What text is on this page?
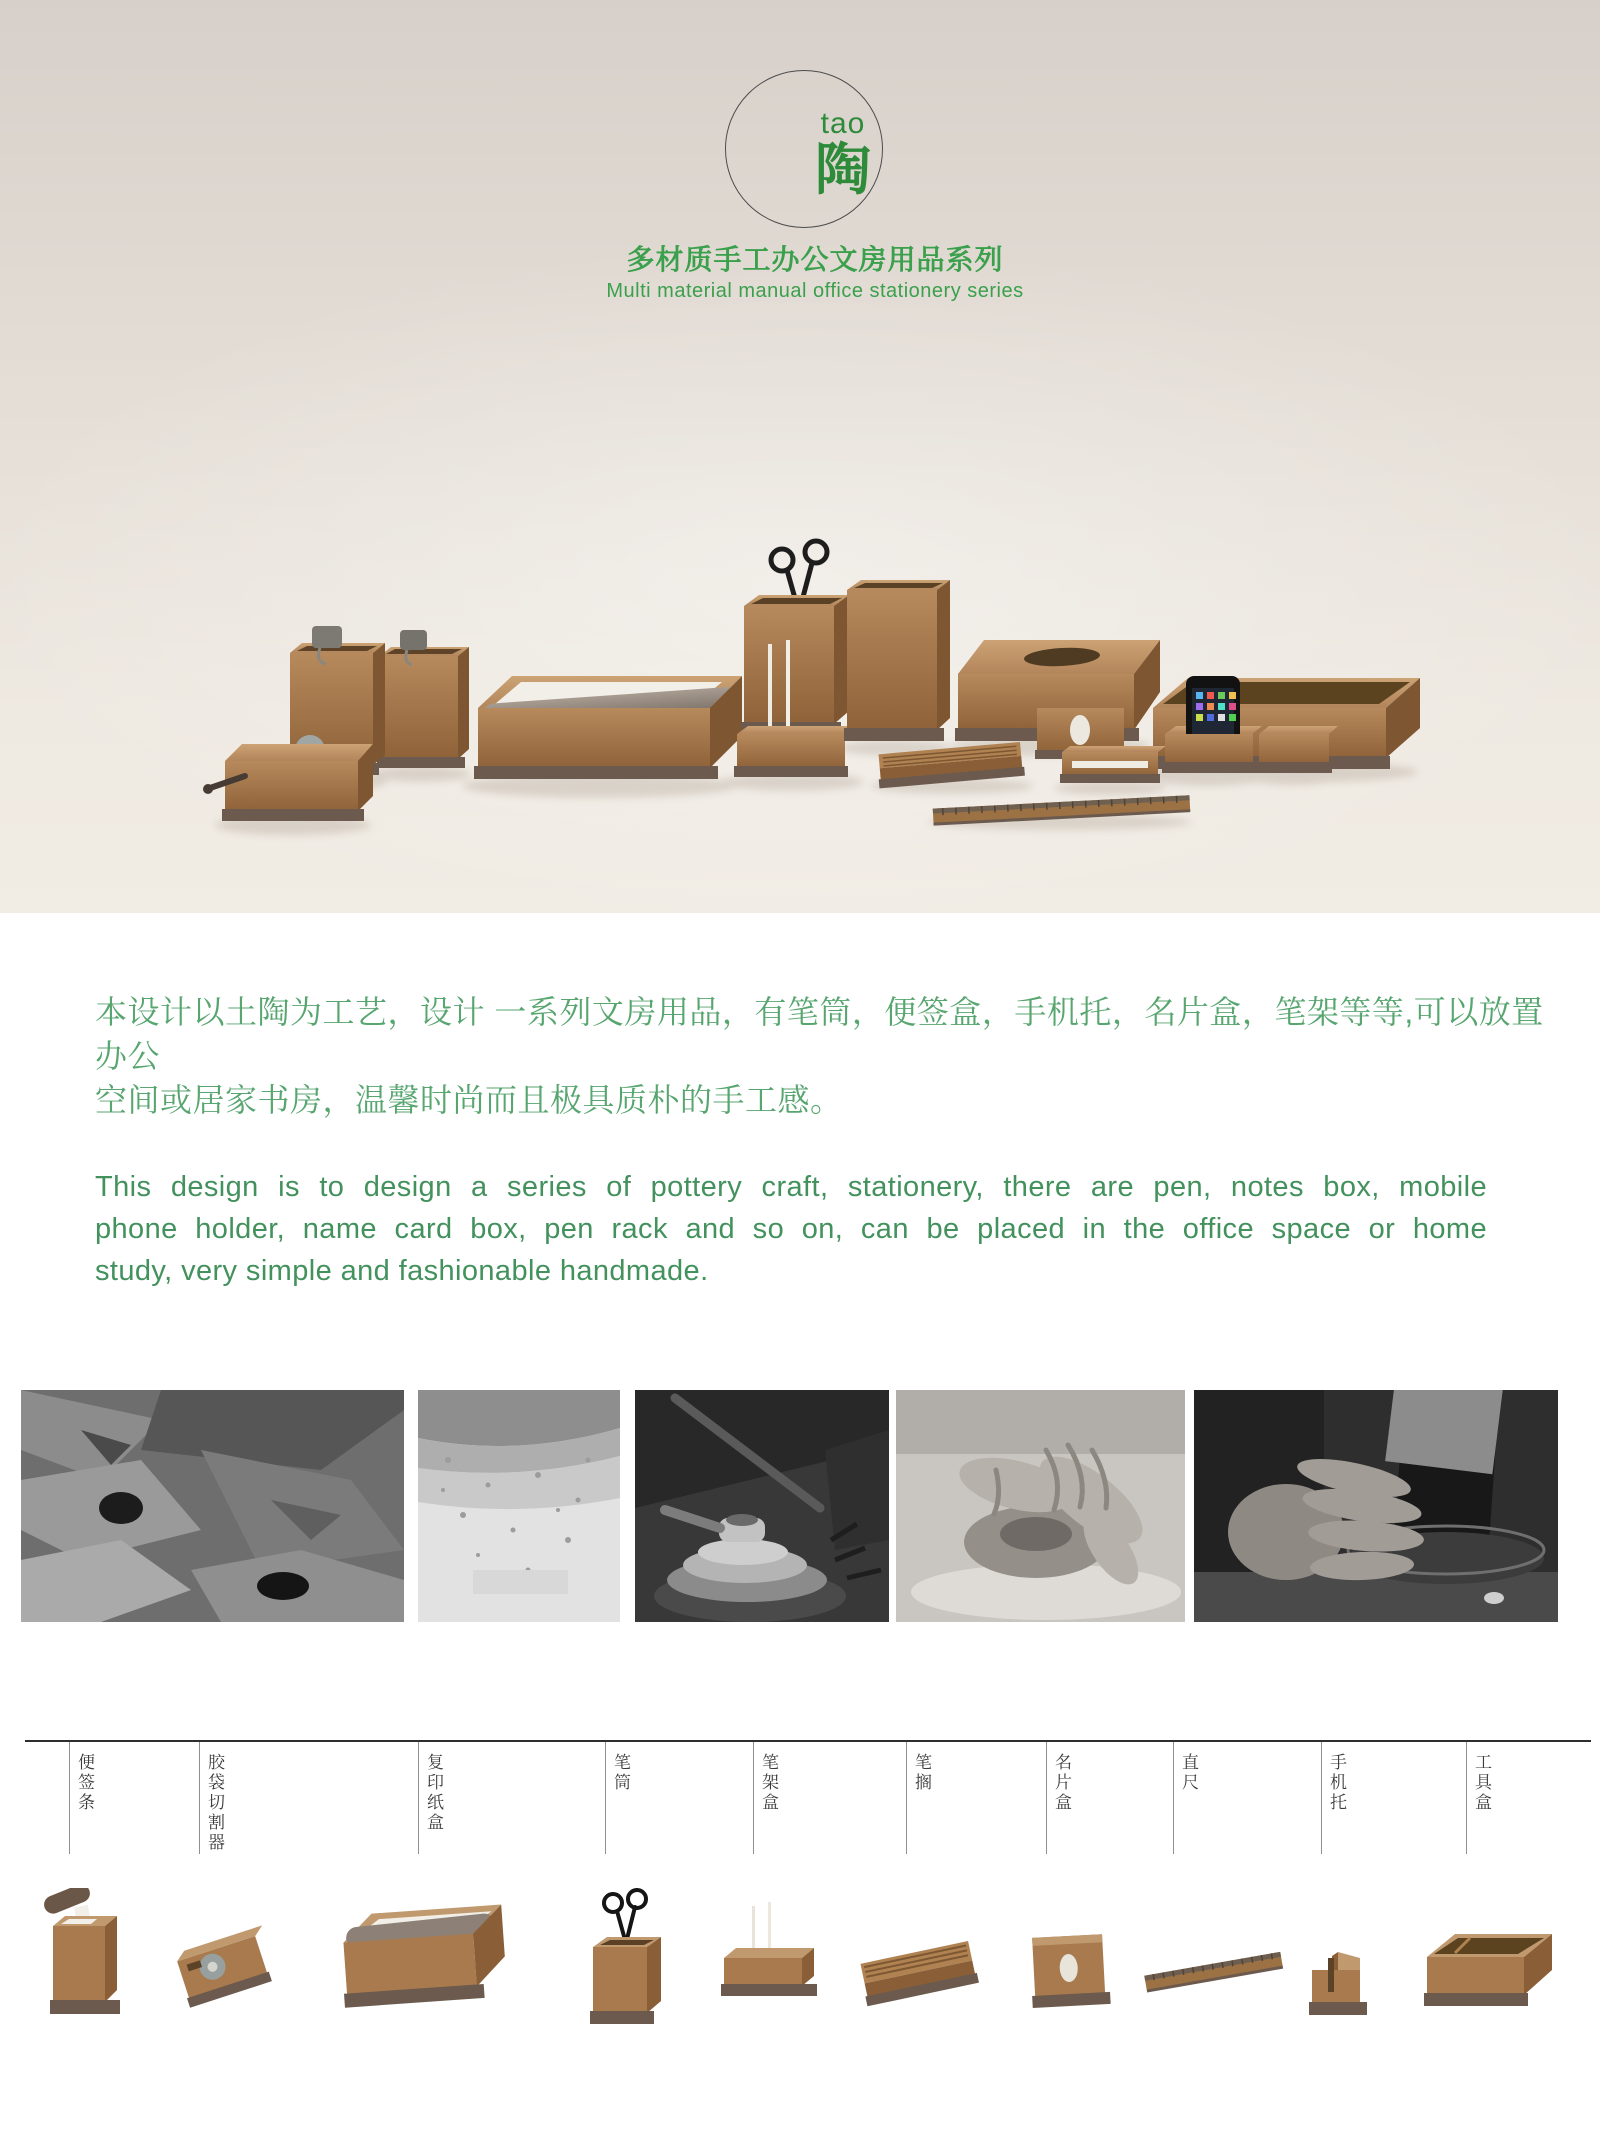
tao
陶
多材质手工办公文房用品系列
Multi material manual office stationery series
本设计以土陶为工艺，设计 一系列文房用品，有笔筒，便签盒，手机托，名片盒，笔架等等,可以放置办公
空间或居家书房，温馨时尚而且极具质朴的手工感。
This design is to design a series of pottery craft, stationery, there are pen, notes box, mobile
phone holder, name card box, pen rack and so on, can be placed in the office space or home
study, very simple and fashionable handmade.
便签条	胶袋切割器	复印纸盒	笔筒	笔架盒	笔搁	名片盒	直尺	手机托	工具盒
